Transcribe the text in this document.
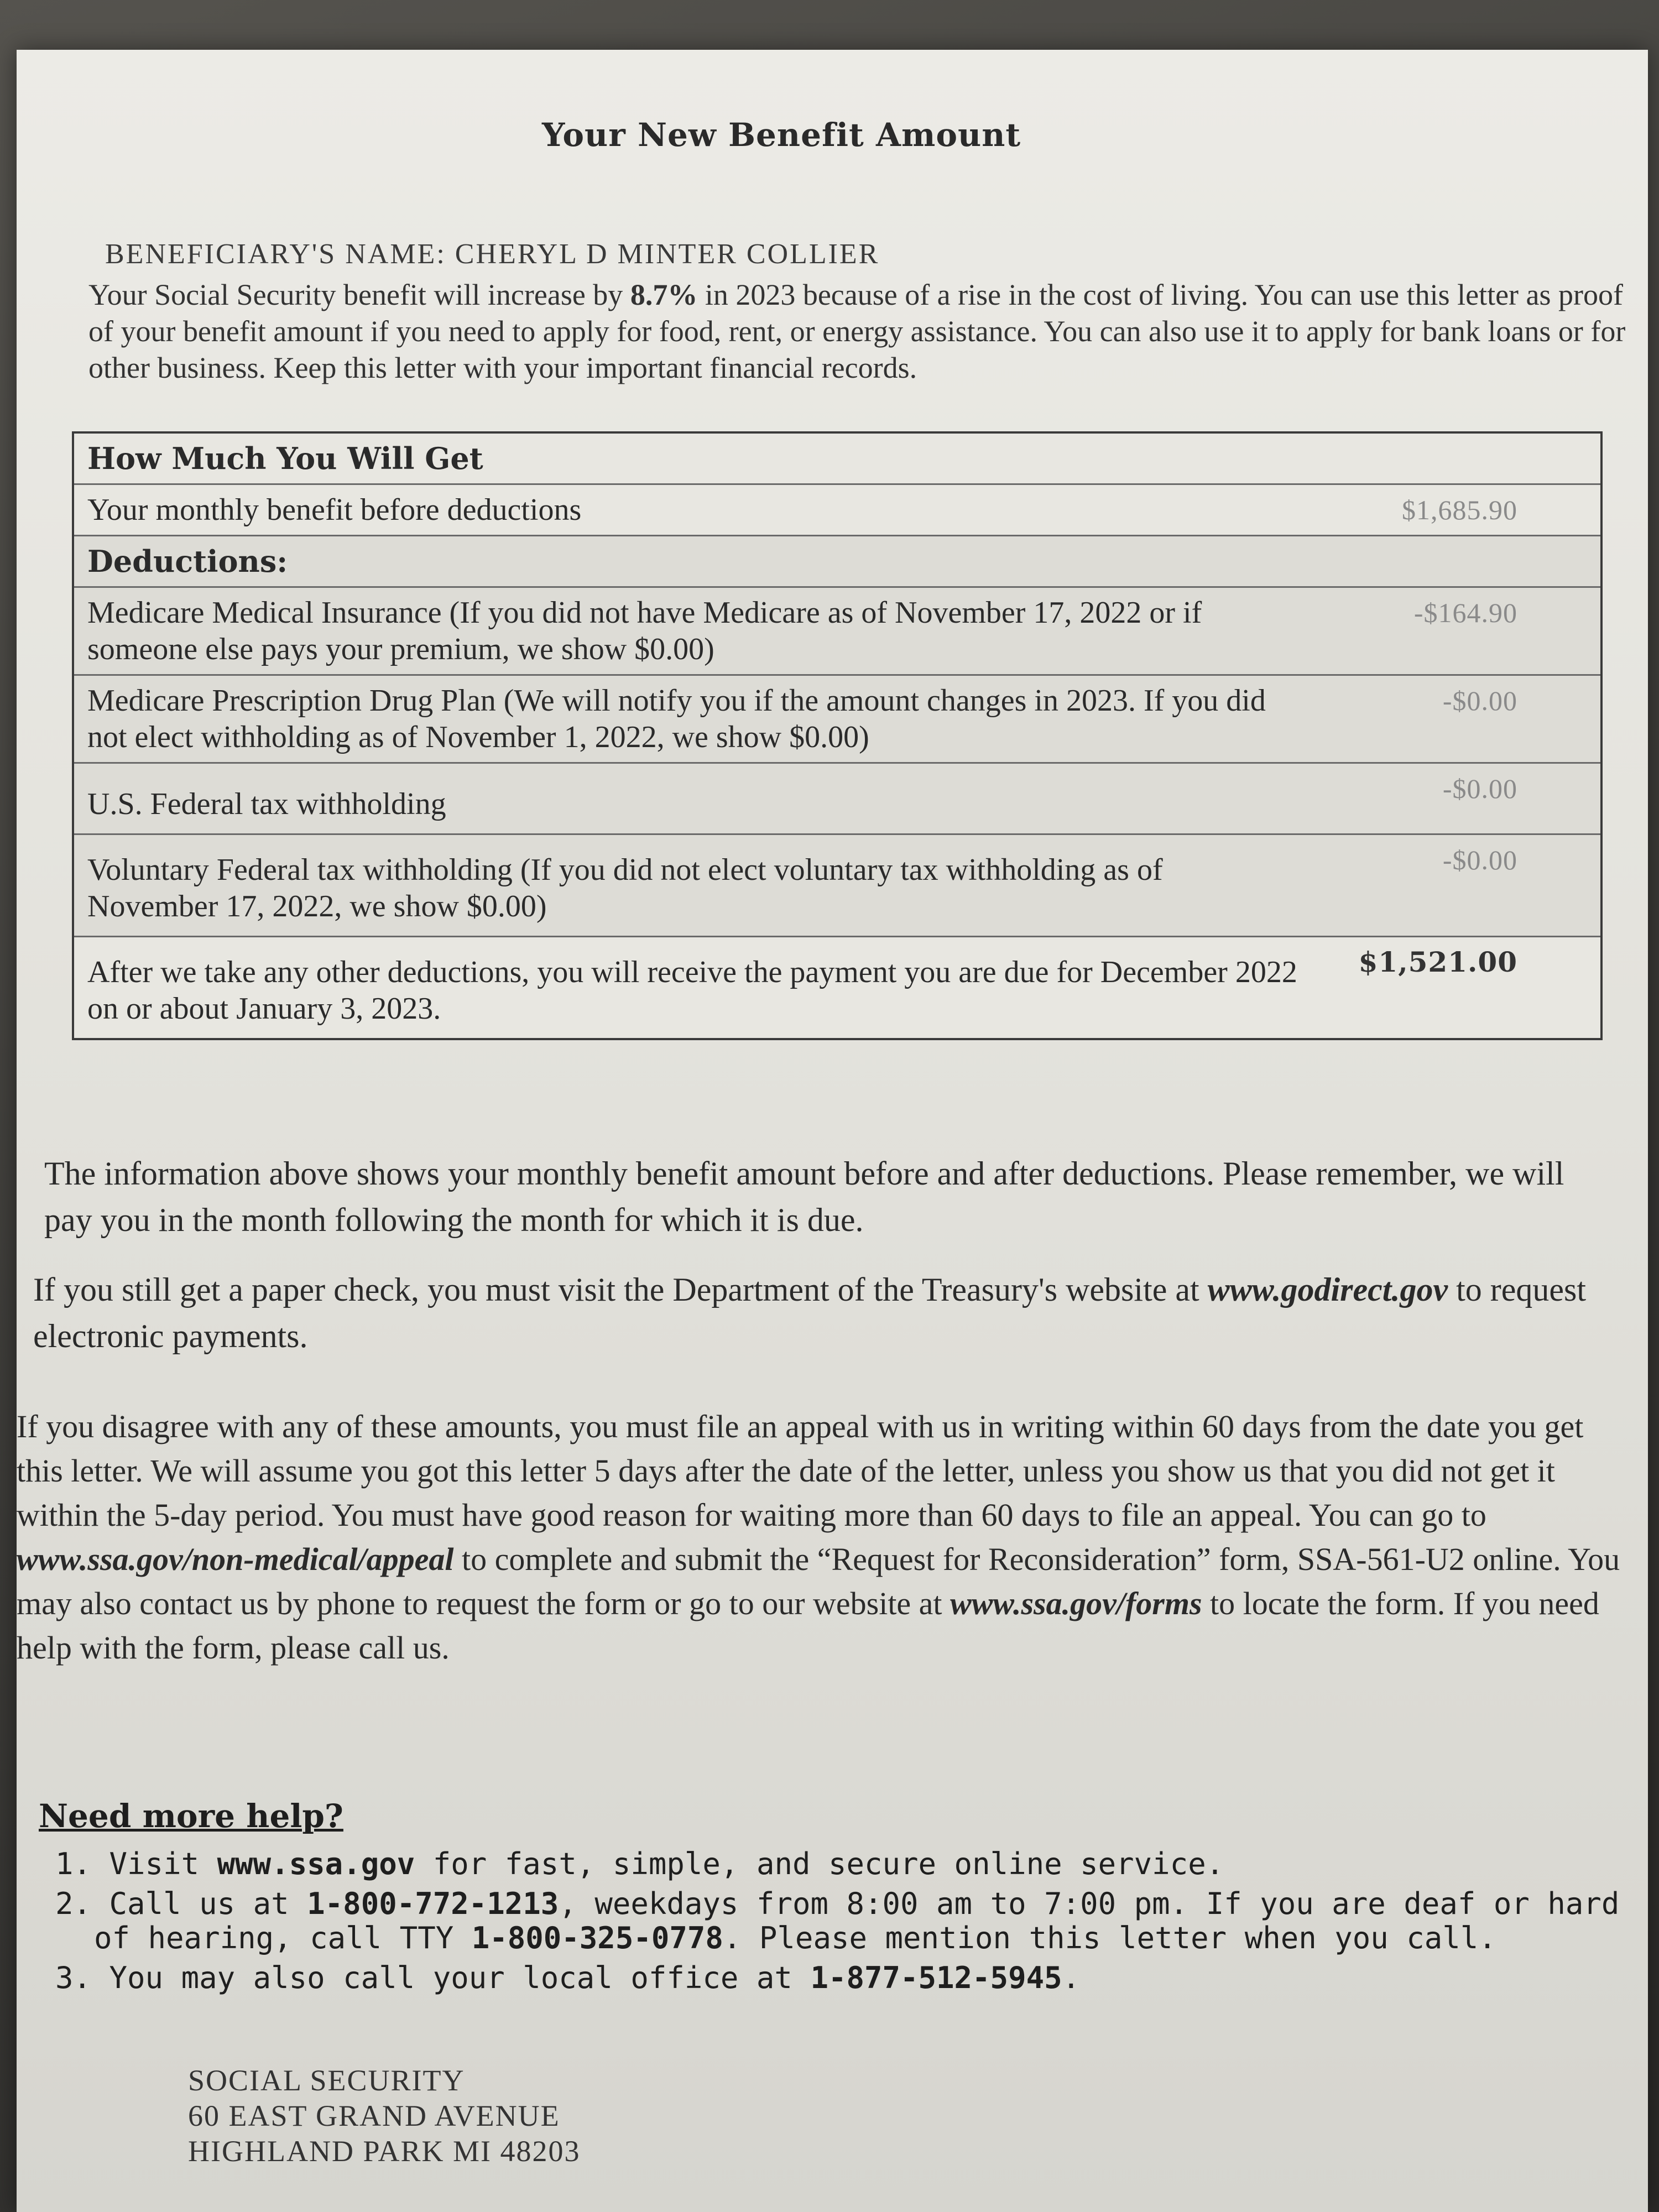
Your New Benefit Amount
BENEFICIARY'S NAME: CHERYL D MINTER COLLIER
Your Social Security benefit will increase by 8.7% in 2023 because of a rise in the cost of living. You can use this letter as proof of your benefit amount if you need to apply for food, rent, or energy assistance. You can also use it to apply for bank loans or for other business. Keep this letter with your important financial records.
How Much You Will Get
Your monthly benefit before deductions	$1,685.90
Deductions:
Medicare Medical Insurance (If you did not have Medicare as of November 17, 2022 or if someone else pays your premium, we show $0.00)
-$164.90
Medicare Prescription Drug Plan (We will notify you if the amount changes in 2023. If you did not elect withholding as of November 1, 2022, we show $0.00)
-$0.00
U.S. Federal tax withholding	-$0.00
Voluntary Federal tax withholding (If you did not elect voluntary tax withholding as of November 17, 2022, we show $0.00)
-$0.00
After we take any other deductions, you will receive the payment you are due for December 2022 on or about January 3, 2023.
$1,521.00
The information above shows your monthly benefit amount before and after deductions. Please remember, we will pay you in the month following the month for which it is due.
If you still get a paper check, you must visit the Department of the Treasury's website at www.godirect.gov to request electronic payments.
If you disagree with any of these amounts, you must file an appeal with us in writing within 60 days from the date you get this letter. We will assume you got this letter 5 days after the date of the letter, unless you show us that you did not get it within the 5-day period. You must have good reason for waiting more than 60 days to file an appeal. You can go to www.ssa.gov/non-medical/appeal to complete and submit the “Request for Reconsideration” form, SSA-561-U2 online. You may also contact us by phone to request the form or go to our website at www.ssa.gov/forms to locate the form. If you need help with the form, please call us.
Need more help?
1. Visit www.ssa.gov for fast, simple, and secure online service.
2. Call us at 1-800-772-1213, weekdays from 8:00 am to 7:00 pm. If you are deaf or hard of hearing, call TTY 1-800-325-0778. Please mention this letter when you call.
3. You may also call your local office at 1-877-512-5945.
SOCIAL SECURITY
60 EAST GRAND AVENUE
HIGHLAND PARK MI 48203
